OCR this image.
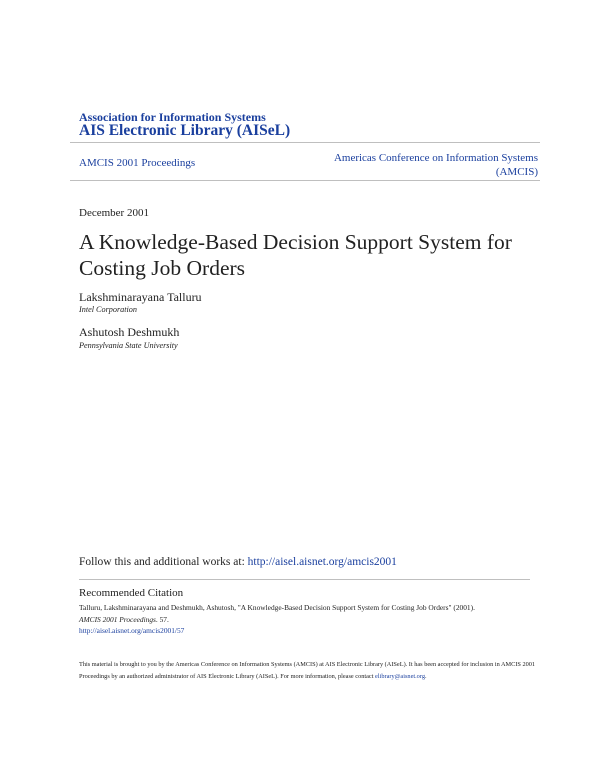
Association for Information Systems
AIS Electronic Library (AISeL)
AMCIS 2001 Proceedings	Americas Conference on Information Systems
(AMCIS)
December 2001
A Knowledge-Based Decision Support System for Costing Job Orders
Lakshminarayana Talluru
Intel Corporation
Ashutosh Deshmukh
Pennsylvania State University
Follow this and additional works at: http://aisel.aisnet.org/amcis2001
Recommended Citation
Talluru, Lakshminarayana and Deshmukh, Ashutosh, "A Knowledge-Based Decision Support System for Costing Job Orders" (2001).
AMCIS 2001 Proceedings. 57.
http://aisel.aisnet.org/amcis2001/57
This material is brought to you by the Americas Conference on Information Systems (AMCIS) at AIS Electronic Library (AISeL). It has been accepted for inclusion in AMCIS 2001 Proceedings by an authorized administrator of AIS Electronic Library (AISeL). For more information, please contact elibrary@aisnet.org.
